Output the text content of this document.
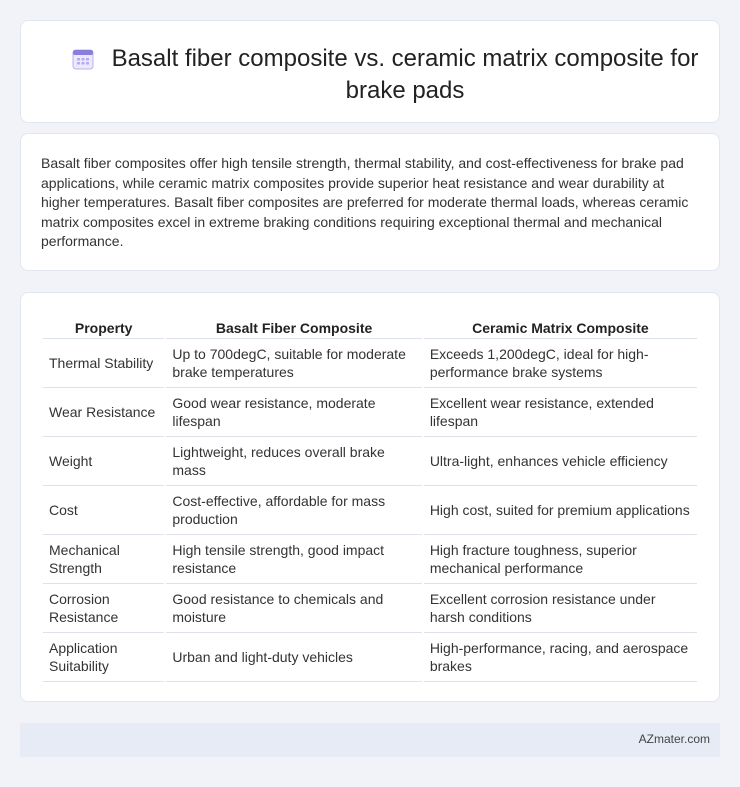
Basalt fiber composite vs. ceramic matrix composite for brake pads

Basalt fiber composites offer high tensile strength, thermal stability, and cost-effectiveness for brake pad applications, while ceramic matrix composites provide superior heat resistance and wear durability at higher temperatures. Basalt fiber composites are preferred for moderate thermal loads, whereas ceramic matrix composites excel in extreme braking conditions requiring exceptional thermal and mechanical performance.

Property	Basalt Fiber Composite	Ceramic Matrix Composite
Thermal Stability	Up to 700degC, suitable for moderate brake temperatures	Exceeds 1,200degC, ideal for high-performance brake systems
Wear Resistance	Good wear resistance, moderate lifespan	Excellent wear resistance, extended lifespan
Weight	Lightweight, reduces overall brake mass	Ultra-light, enhances vehicle efficiency
Cost	Cost-effective, affordable for mass production	High cost, suited for premium applications
Mechanical Strength	High tensile strength, good impact resistance	High fracture toughness, superior mechanical performance
Corrosion Resistance	Good resistance to chemicals and moisture	Excellent corrosion resistance under harsh conditions
Application Suitability	Urban and light-duty vehicles	High-performance, racing, and aerospace brakes
AZmater.com
